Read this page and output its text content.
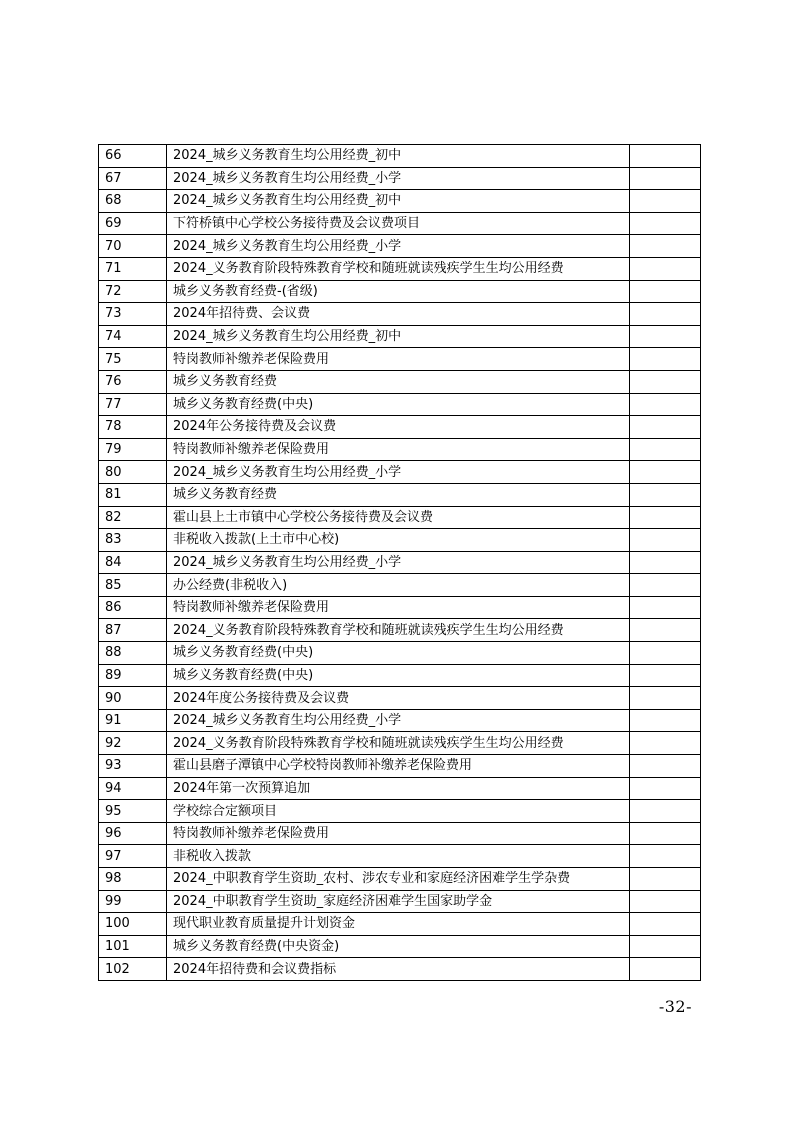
66	2024_城乡义务教育生均公用经费_初中	
67	2024_城乡义务教育生均公用经费_小学	
68	2024_城乡义务教育生均公用经费_初中	
69	下符桥镇中心学校公务接待费及会议费项目	
70	2024_城乡义务教育生均公用经费_小学	
71	2024_义务教育阶段特殊教育学校和随班就读残疾学生生均公用经费	
72	城乡义务教育经费-(省级)	
73	2024年招待费、会议费	
74	2024_城乡义务教育生均公用经费_初中	
75	特岗教师补缴养老保险费用	
76	城乡义务教育经费	
77	城乡义务教育经费(中央)	
78	2024年公务接待费及会议费	
79	特岗教师补缴养老保险费用	
80	2024_城乡义务教育生均公用经费_小学	
81	城乡义务教育经费	
82	霍山县上土市镇中心学校公务接待费及会议费	
83	非税收入拨款(上土市中心校)	
84	2024_城乡义务教育生均公用经费_小学	
85	办公经费(非税收入)	
86	特岗教师补缴养老保险费用	
87	2024_义务教育阶段特殊教育学校和随班就读残疾学生生均公用经费	
88	城乡义务教育经费(中央)	
89	城乡义务教育经费(中央)	
90	2024年度公务接待费及会议费	
91	2024_城乡义务教育生均公用经费_小学	
92	2024_义务教育阶段特殊教育学校和随班就读残疾学生生均公用经费	
93	霍山县磨子潭镇中心学校特岗教师补缴养老保险费用	
94	2024年第一次预算追加	
95	学校综合定额项目	
96	特岗教师补缴养老保险费用	
97	非税收入拨款	
98	2024_中职教育学生资助_农村、涉农专业和家庭经济困难学生学杂费	
99	2024_中职教育学生资助_家庭经济困难学生国家助学金	
100	现代职业教育质量提升计划资金	
101	城乡义务教育经费(中央资金)	
102	2024年招待费和会议费指标	
-32-
